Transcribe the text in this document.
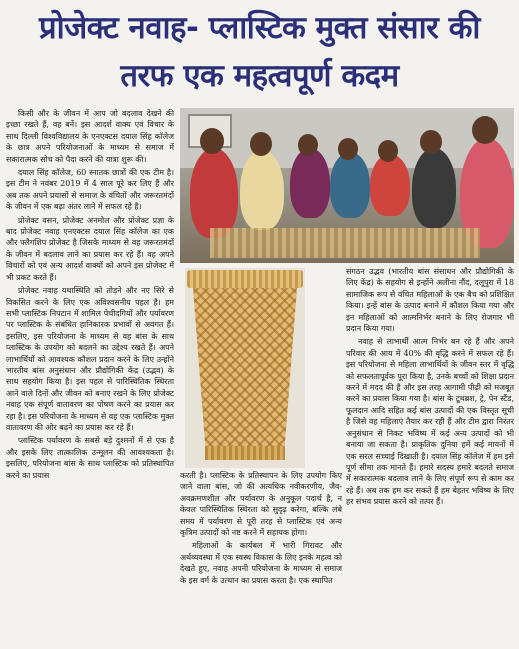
प्रोजेक्ट नवाह- प्लास्टिक मुक्त संसार की
तरफ एक महत्वपूर्ण कदम

किसी और के जीवन में आप जो बदलाव देखने की इच्छा रखते हैं, वह बनें। इस आदर्श वाक्य एवं विचार के साथ दिल्ली विश्वविद्यालय के एनएक्टस दयाल सिंह कॉलेज के छात्र अपने परियोजनाओं के माध्यम से समाज में सकारात्मक सोच को पैदा करने की यात्रा शुरू की।

दयाल सिंह कॉलेज, 60 स्नातक छात्रों की एक टीम है। इस टीम ने नवंबर 2019 में 4 साल पूरे कर लिए हैं और अब तक अपने प्रयासों से समाज के वंचितों और जरूरतमंदों के जीवन में एक बढ़ा अंतर लाने में सफल रहे है।

प्रोजेक्ट वसन, प्रोजेक्ट अनमोल और प्रोजेक्ट प्रज्ञा के बाद प्रोजेक्ट नवाह एनएक्टस दयाल सिंह कॉलेज का एक और फ्लैगशिप प्रोजेक्ट है जिसके माध्यम से वह जरूरतमंदों के जीवन में बदलाव लाने का प्रयास कर रहे हैं। वह अपने विचारों को एवं अन्य आदर्श वाक्यों को अपने इस प्रोजेक्ट में भी प्रकट करते हैं।

प्रोजेक्ट नवाह यथास्थिति को तोड़ने और नए सिरे से विकसित करने के लिए एक अविश्वसनीय पहल है। हम सभी प्लास्टिक निपटान में शामिल पेचीदगियों और पर्यावरण पर प्लास्टिक के संबंधित हानिकारक प्रभावों से अवगत हैं। इसलिए, इस परियोजना के माध्यम से वह बांस के साथ प्लास्टिक के उपयोग को बदलने का उद्देश्य रखते हैं। अपने लाभार्थियों को आवश्यक कौशल प्रदान करने के लिए उन्होंने भारतीय बांस अनुसंधान और प्रौद्योगिकी केंद्र (उद्भव) के साथ सहयोग किया है। इस पहल से पारिस्थितिक स्थिरता आने वाले दिनों और जीवन को बनाए रखने के लिए प्रोजेक्ट नवाह एक संपूर्ण वातावरण का पोषण करने का प्रयास कर रहा है। इस परियोजना के माध्यम से वह एक प्लास्टिक मुक्त वातावरण की ओर बढ़ने का प्रयास कर रहे हैं।

प्लास्टिक पर्यावरण के सबसे बड़े दुश्मनों में से एक है और इसके लिए तात्कालिक उन्मूलन की आवश्यकता है। इसलिए, परियोजना बांस के साथ प्लास्टिक को प्रतिस्थापित करने का प्रयास	करती है। प्लास्टिक के प्रतिस्थापन के लिए उपयोग किए जाने वाला बांस, जो की अत्यधिक नवीकरणीय, जैव-अवक्रमणशील और पर्यावरण के अनुकूल पदार्थ है, न केवल पारिस्थितिक स्थिरता को सुदृढ़ करेगा, बल्कि लंबे समय में पर्यावरण से पूरी तरह से प्लास्टिक एवं अन्य कृत्रिम उत्पादों को नष्ट करने में सहायक होगा।

महिलाओं के कार्यबल में भारी गिरावट और अर्थव्यवस्था में एक स्वस्थ विकास के लिए इनके महत्व को देखते हुए, नवाह अपनी परियोजना के माध्यम से समाज के इस वर्ग के उत्थान का प्रयास करता है। एक स्थापित

संगठन उद्भव (भारतीय बांस संसाधन और प्रौद्योगिकी के लिए केंद्र) के सहयोग से इन्होंने अलीना नौंद, दलूपुरा में 18 सामाजिक रूप से वंचित महिलाओं के एक बैच को प्रशिक्षित किया। इन्हें बांस के उत्पाद बनाने में कौशल किया गया और इन महिलाओं को आत्मनिर्भर बनाने के लिए रोजगार भी प्रदान किया गया।

नवाह से लाभार्थी आत्म निर्भर बन रहे हैं और अपने परिवार की आय में 40% की वृद्धि करने में सफल रहे हैं। इस परियोजना से महिला लाभार्थियों के जीवन स्तर में वृद्धि को सफलतापूर्वक पूरा किया है, उनके बच्चों को शिक्षा प्रदान करने में मदद की है और इस तरह आगामी पीढ़ी को मजबूत करने का प्रयास किया गया है। बांस के टूथब्रश, ट्रे, पेन स्टैंड, फूलदान आदि सहित कई बांस उत्पादों की एक विस्तृत सूची है जिसे वह महिलाएं तैयार कर रही हैं और टीम द्वारा निरंतर अनुसंधान से निकट भविष्य में कई अन्य उत्पादों को भी बनाया जा सकता है। प्राकृतिक दुनिया हमें कई मायनों में एक सरल सच्चाई दिखाती है। दयाल सिंह कॉलेज में हम इसे पूर्ण सीमा तक मानते हैं। हमारे सदस्य हमारे बदलते समाज में सकारात्मक बदलाव लाने के लिए संपूर्ण रूप से काम कर रहे हैं। अब तक हम कर सकते हैं हम बेहतर भविष्य के लिए हर संभव प्रयास करने को तत्पर हैं।
